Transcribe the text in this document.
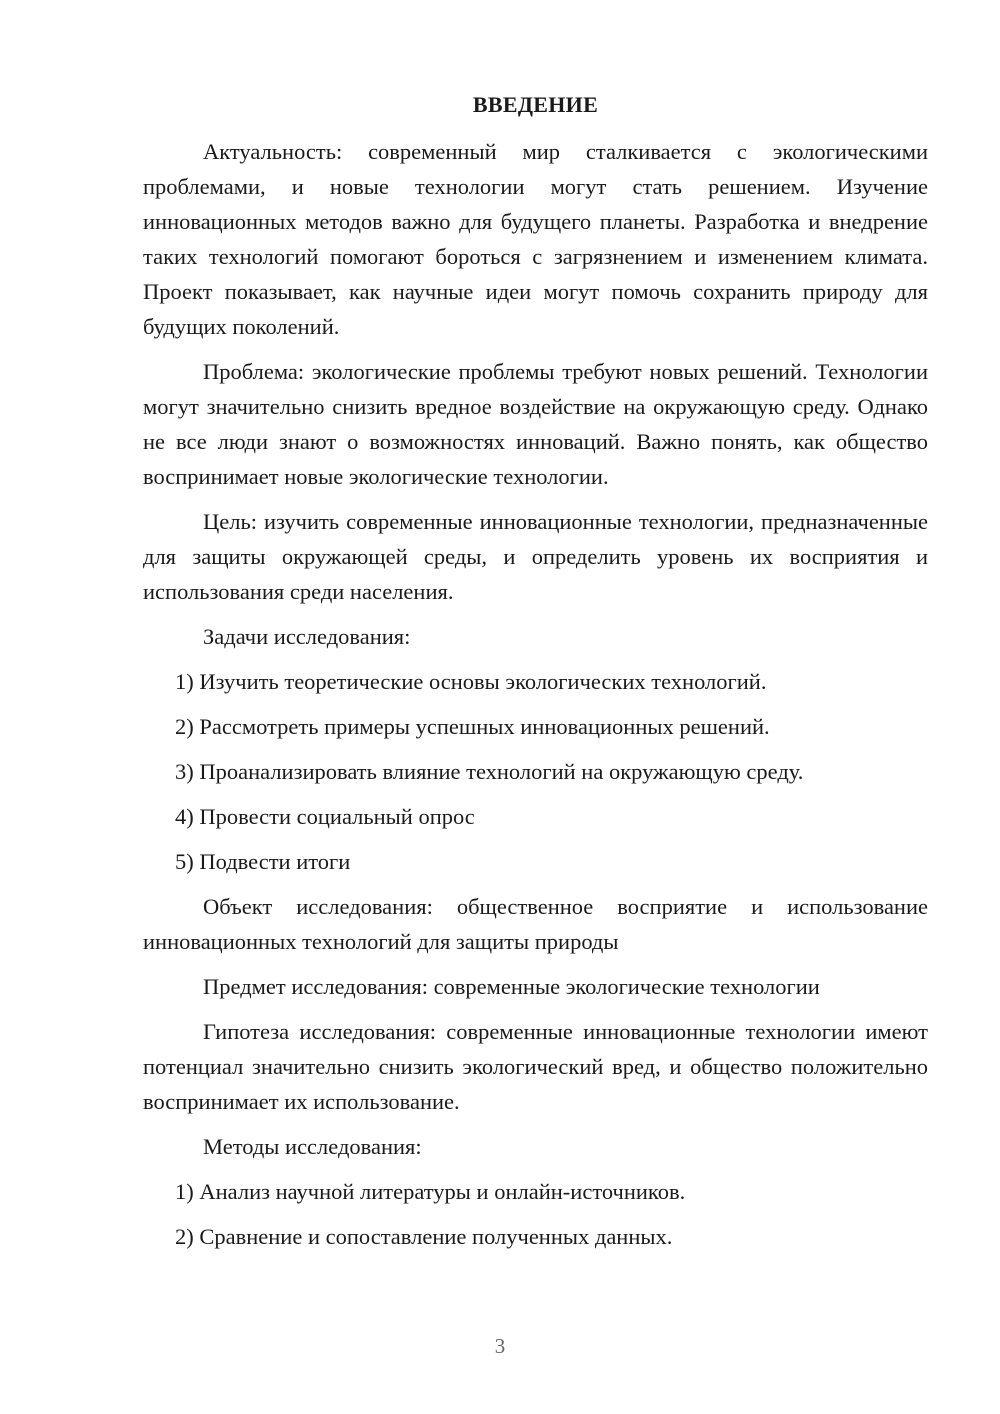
ВВЕДЕНИЕ

Актуальность: современный мир сталкивается с экологическими проблемами, и новые технологии могут стать решением. Изучение инновационных методов важно для будущего планеты. Разработка и внедрение таких технологий помогают бороться с загрязнением и изменением климата. Проект показывает, как научные идеи могут помочь сохранить природу для будущих поколений.

Проблема: экологические проблемы требуют новых решений. Технологии могут значительно снизить вредное воздействие на окружающую среду. Однако не все люди знают о возможностях инноваций. Важно понять, как общество воспринимает новые экологические технологии.

Цель: изучить современные инновационные технологии, предназначенные для защиты окружающей среды, и определить уровень их восприятия и использования среди населения.

Задачи исследования:

1) Изучить теоретические основы экологических технологий.
2) Рассмотреть примеры успешных инновационных решений.
3) Проанализировать влияние технологий на окружающую среду.
4) Провести социальный опрос
5) Подвести итоги

Объект исследования: общественное восприятие и использование инновационных технологий для защиты природы

Предмет исследования: современные экологические технологии

Гипотеза исследования: современные инновационные технологии имеют потенциал значительно снизить экологический вред, и общество положительно воспринимает их использование.

Методы исследования:

1) Анализ научной литературы и онлайн-источников.
2) Сравнение и сопоставление полученных данных.
3
